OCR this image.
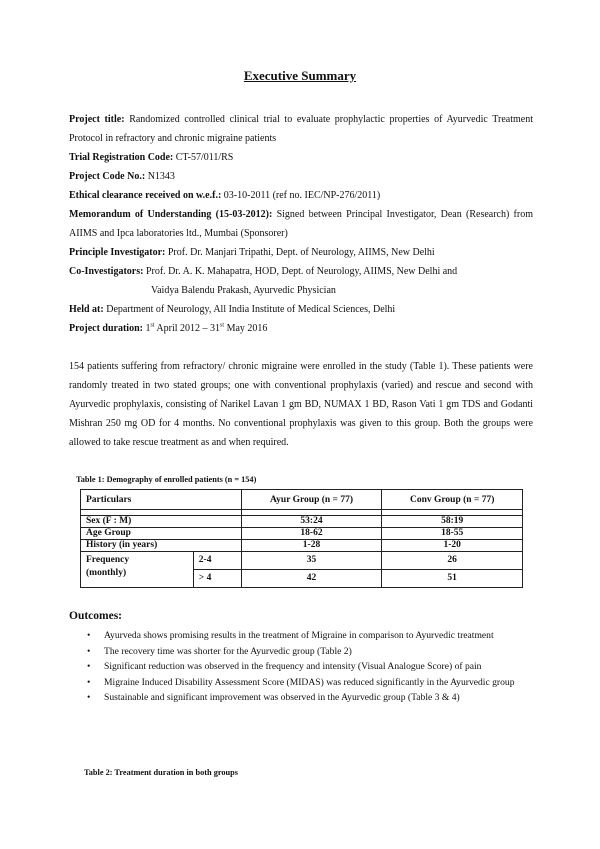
Executive Summary

Project title: Randomized controlled clinical trial to evaluate prophylactic properties of Ayurvedic Treatment Protocol in refractory and chronic migraine patients

Trial Registration Code: CT-57/011/RS

Project Code No.: N1343

Ethical clearance received on w.e.f.: 03-10-2011 (ref no. IEC/NP-276/2011)

Memorandum of Understanding (15-03-2012): Signed between Principal Investigator, Dean (Research) from AIIMS and Ipca laboratories ltd., Mumbai (Sponsorer)

Principle Investigator: Prof. Dr. Manjari Tripathi, Dept. of Neurology, AIIMS, New Delhi

Co-Investigators: Prof. Dr. A. K. Mahapatra, HOD, Dept. of Neurology, AIIMS, New Delhi and

Vaidya Balendu Prakash, Ayurvedic Physician

Held at: Department of Neurology, All India Institute of Medical Sciences, Delhi

Project duration: 1st April 2012 – 31st May 2016

154 patients suffering from refractory/ chronic migraine were enrolled in the study (Table 1). These patients were randomly treated in two stated groups; one with conventional prophylaxis (varied) and rescue and second with Ayurvedic prophylaxis, consisting of Narikel Lavan 1 gm BD, NUMAX 1 BD, Rason Vati 1 gm TDS and Godanti Mishran 250 mg OD for 4 months. No conventional prophylaxis was given to this group. Both the groups were allowed to take rescue treatment as and when required.

Table 1: Demography of enrolled patients (n = 154)
Particulars		Ayur Group (n = 77)	Conv Group (n = 77)

Sex (F : M)		53:24	58:19
Age Group		18-62	18-55
History (in years)		1-28	1-20
Frequency
(monthly)	2-4	35	26
	> 4	42	51
Outcomes:
• Ayurveda shows promising results in the treatment of Migraine in comparison to Ayurvedic treatment
• The recovery time was shorter for the Ayurvedic group (Table 2)
• Significant reduction was observed in the frequency and intensity (Visual Analogue Score) of pain
• Migraine Induced Disability Assessment Score (MIDAS) was reduced significantly in the Ayurvedic group
• Sustainable and significant improvement was observed in the Ayurvedic group (Table 3 & 4)
Table 2: Treatment duration in both groups
